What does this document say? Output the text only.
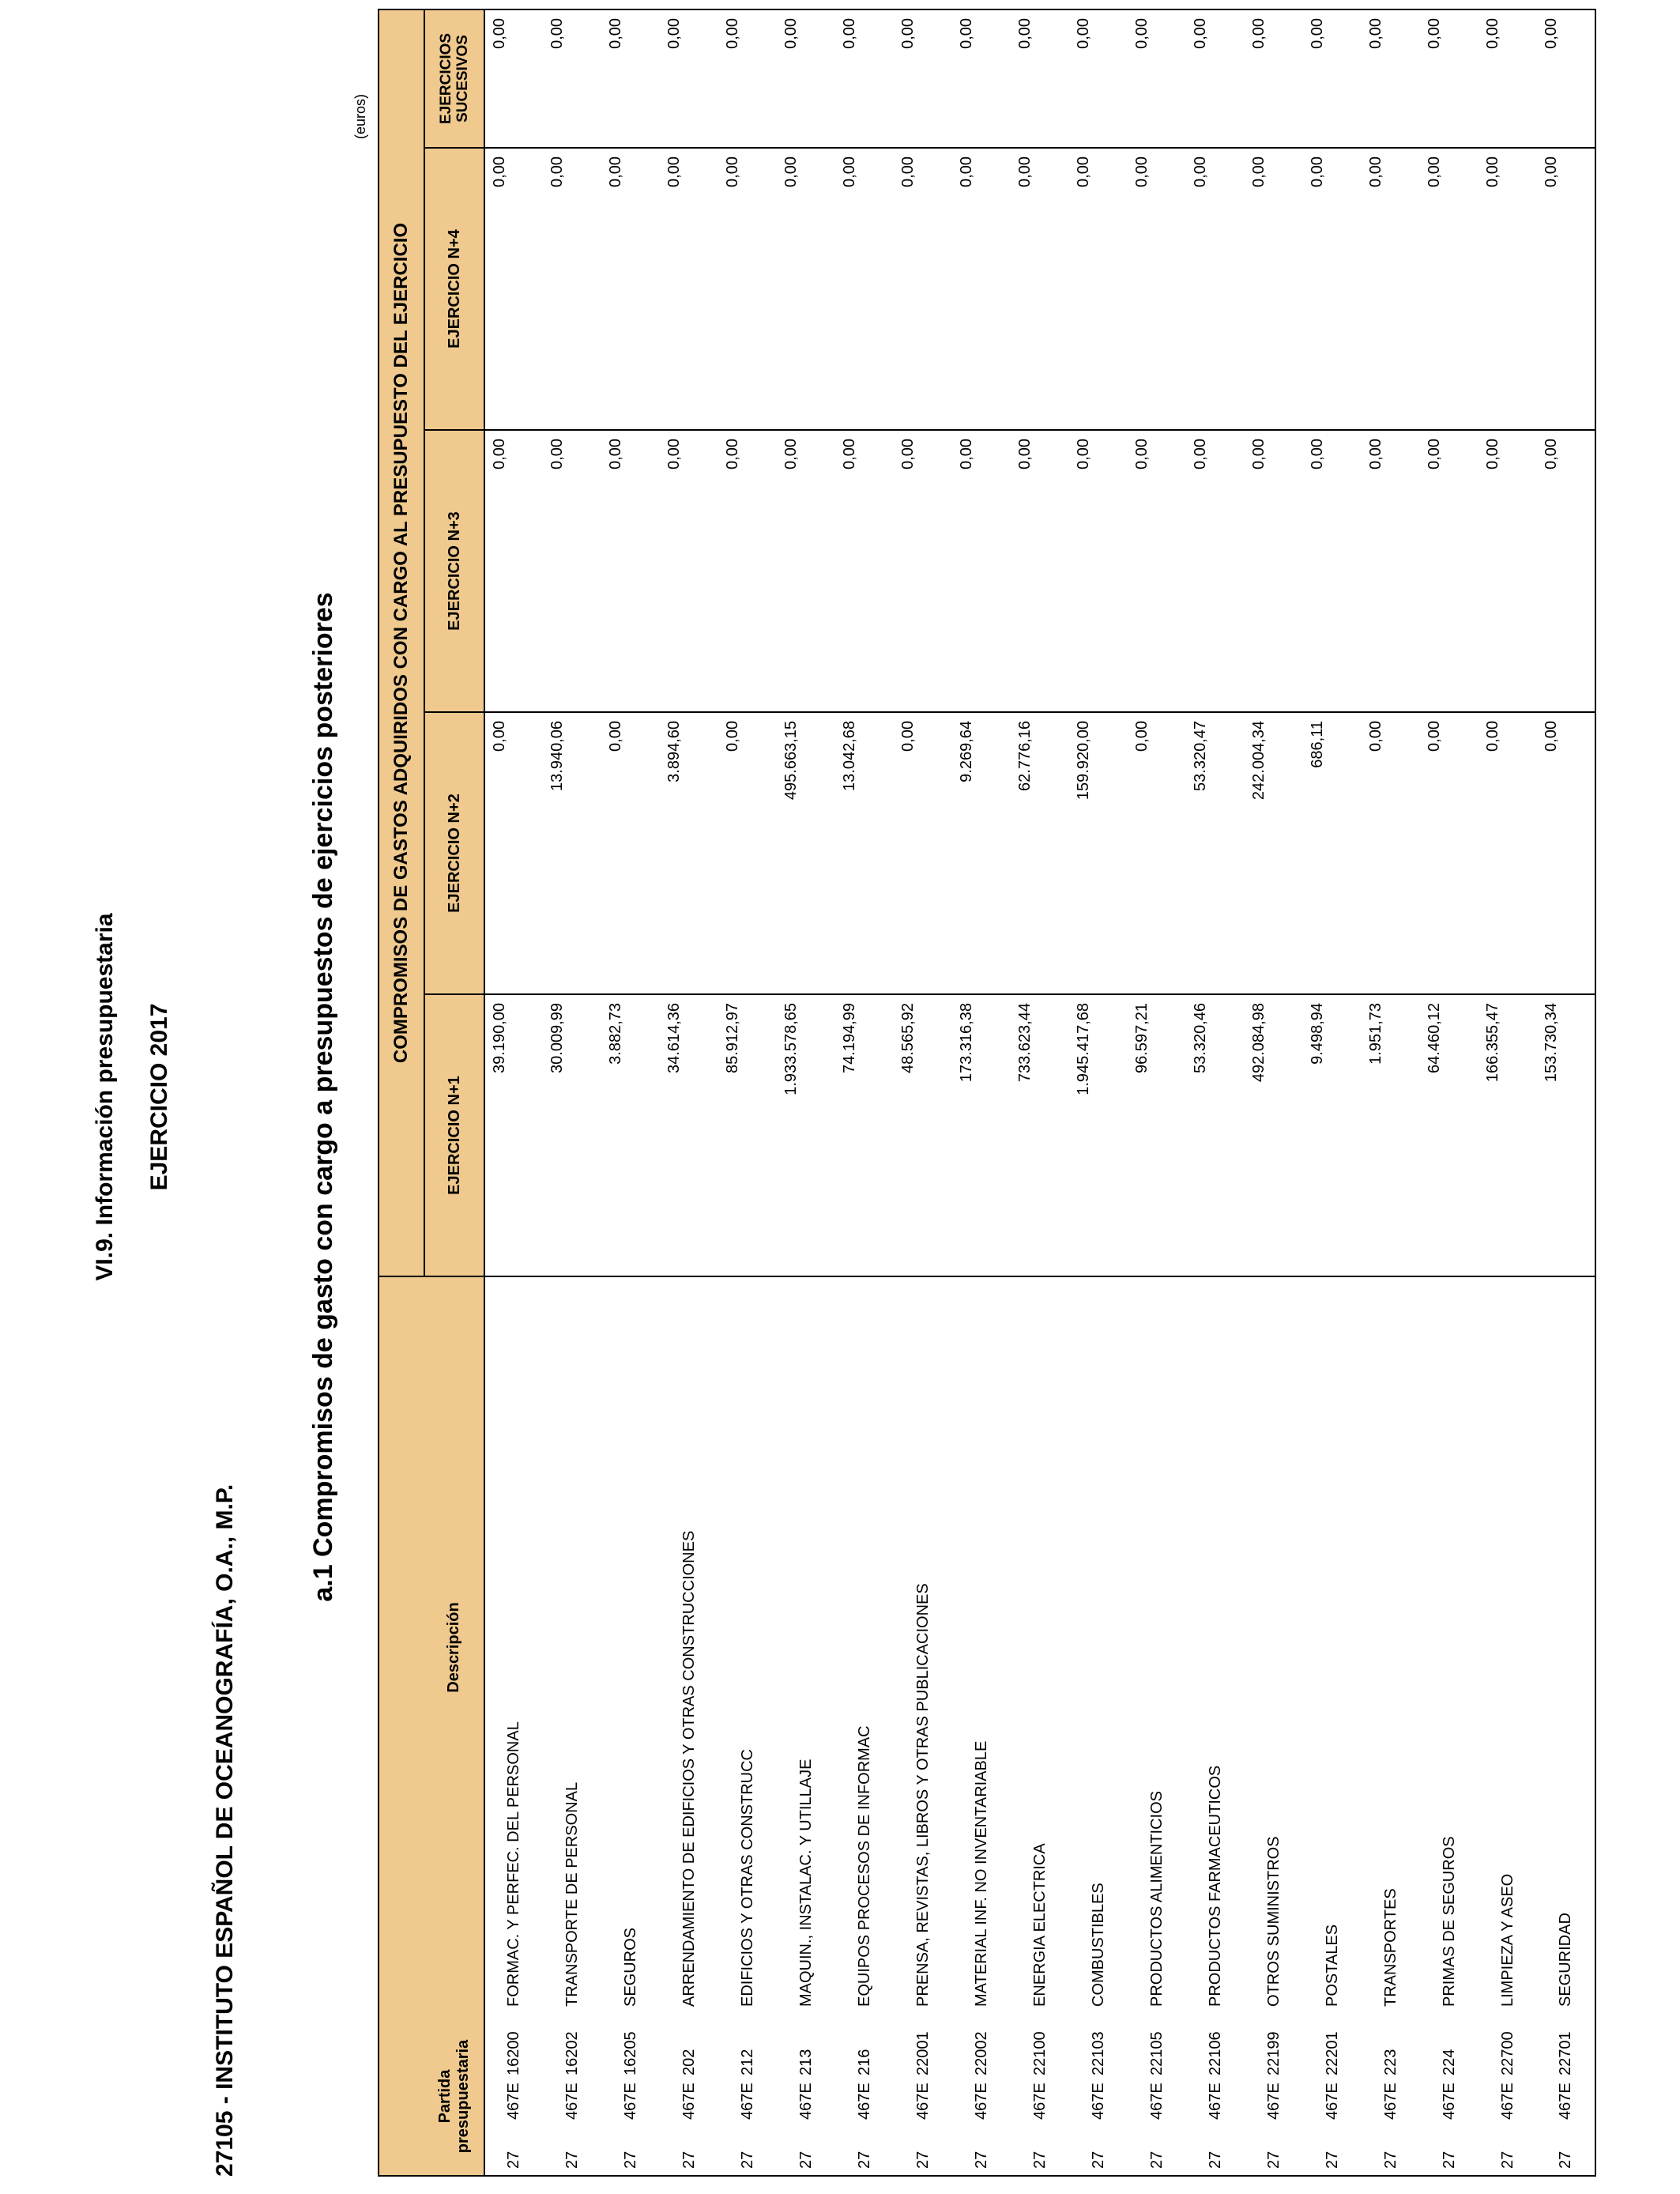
VI.9. Información presupuestaria EJERCICIO 2017
27105 - INSTITUTO ESPAÑOL DE OCEANOGRAFÍA, O.A., M.P.
a.1 Compromisos de gasto con cargo a presupuestos de ejercicios posteriores
(euros)
		COMPROMISOS DE GASTOS ADQUIRIDOS CON CARGO AL PRESUPUESTO DEL EJERCICIO				
Partida presupuestaria	Descripción	EJERCICIO N+1	EJERCICIO N+2	EJERCICIO N+3	EJERCICIO N+4	EJERCICIOS
SUCESIVOS
27467E16200	FORMAC. Y PERFEC. DEL PERSONAL	39.190,00	0,00	0,00	0,00	0,00
27467E16202	TRANSPORTE DE PERSONAL	30.009,99	13.940,06	0,00	0,00	0,00
27467E16205	SEGUROS	3.882,73	0,00	0,00	0,00	0,00
27467E202	ARRENDAMIENTO DE EDIFICIOS Y OTRAS CONSTRUCCIONES	34.614,36	3.894,60	0,00	0,00	0,00
27467E212	EDIFICIOS Y OTRAS CONSTRUCC	85.912,97	0,00	0,00	0,00	0,00
27467E213	MAQUIN., INSTALAC. Y UTILLAJE	1.933.578,65	495.663,15	0,00	0,00	0,00
27467E216	EQUIPOS PROCESOS DE INFORMAC	74.194,99	13.042,68	0,00	0,00	0,00
27467E22001	PRENSA, REVISTAS, LIBROS Y OTRAS PUBLICACIONES	48.565,92	0,00	0,00	0,00	0,00
27467E22002	MATERIAL INF. NO INVENTARIABLE	173.316,38	9.269,64	0,00	0,00	0,00
27467E22100	ENERGIA ELECTRICA	733.623,44	62.776,16	0,00	0,00	0,00
27467E22103	COMBUSTIBLES	1.945.417,68	159.920,00	0,00	0,00	0,00
27467E22105	PRODUCTOS ALIMENTICIOS	96.597,21	0,00	0,00	0,00	0,00
27467E22106	PRODUCTOS FARMACEUTICOS	53.320,46	53.320,47	0,00	0,00	0,00
27467E22199	OTROS SUMINISTROS	492.084,98	242.004,34	0,00	0,00	0,00
27467E22201	POSTALES	9.498,94	686,11	0,00	0,00	0,00
27467E223	TRANSPORTES	1.951,73	0,00	0,00	0,00	0,00
27467E224	PRIMAS DE SEGUROS	64.460,12	0,00	0,00	0,00	0,00
27467E22700	LIMPIEZA Y ASEO	166.355,47	0,00	0,00	0,00	0,00
27467E22701	SEGURIDAD	153.730,34	0,00	0,00	0,00	0,00
